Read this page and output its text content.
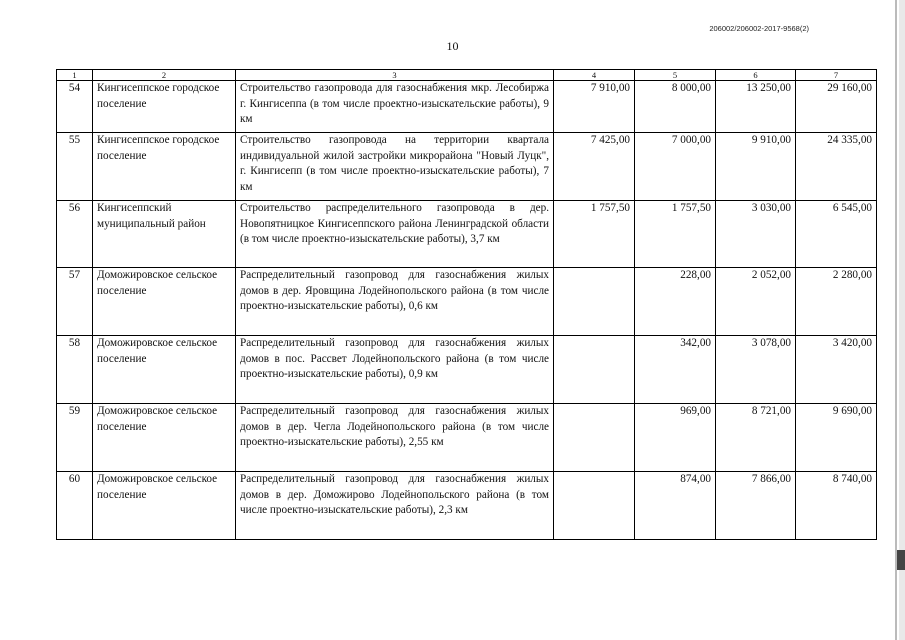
206002/206002-2017-9568(2)
10
1	2	3	4	5	6	7
54	Кингисеппское городское поселение	Строительство газопровода для газоснабжения мкр. Лесобиржа г. Кингисеппа (в том числе проектно-изыскательские работы), 9 км	7 910,00	8 000,00	13 250,00	29 160,00
55	Кингисеппское городское поселение	Строительство газопровода на территории квартала индивидуальной жилой застройки микрорайона "Новый Луцк", г. Кингисепп (в том числе проектно-изыскательские работы), 7 км	7 425,00	7 000,00	9 910,00	24 335,00
56	Кингисеппский муниципальный район	Строительство распределительного газопровода в дер. Новопятницкое Кингисеппского района Ленинградской области (в том числе проектно-изыскательские работы), 3,7 км	1 757,50	1 757,50	3 030,00	6 545,00
57	Доможировское сельское поселение	Распределительный газопровод для газоснабжения жилых домов в дер. Яровщина Лодейнопольского района (в том числе проектно-изыскательские работы), 0,6 км		228,00	2 052,00	2 280,00
58	Доможировское сельское поселение	Распределительный газопровод для газоснабжения жилых домов в пос. Рассвет Лодейнопольского района (в том числе проектно-изыскательские работы), 0,9 км		342,00	3 078,00	3 420,00
59	Доможировское сельское поселение	Распределительный газопровод для газоснабжения жилых домов в дер. Чегла Лодейнопольского района (в том числе проектно-изыскательские работы), 2,55 км		969,00	8 721,00	9 690,00
60	Доможировское сельское поселение	Распределительный газопровод для газоснабжения жилых домов в дер. Доможирово Лодейнопольского района (в том числе проектно-изыскательские работы), 2,3 км		874,00	7 866,00	8 740,00
